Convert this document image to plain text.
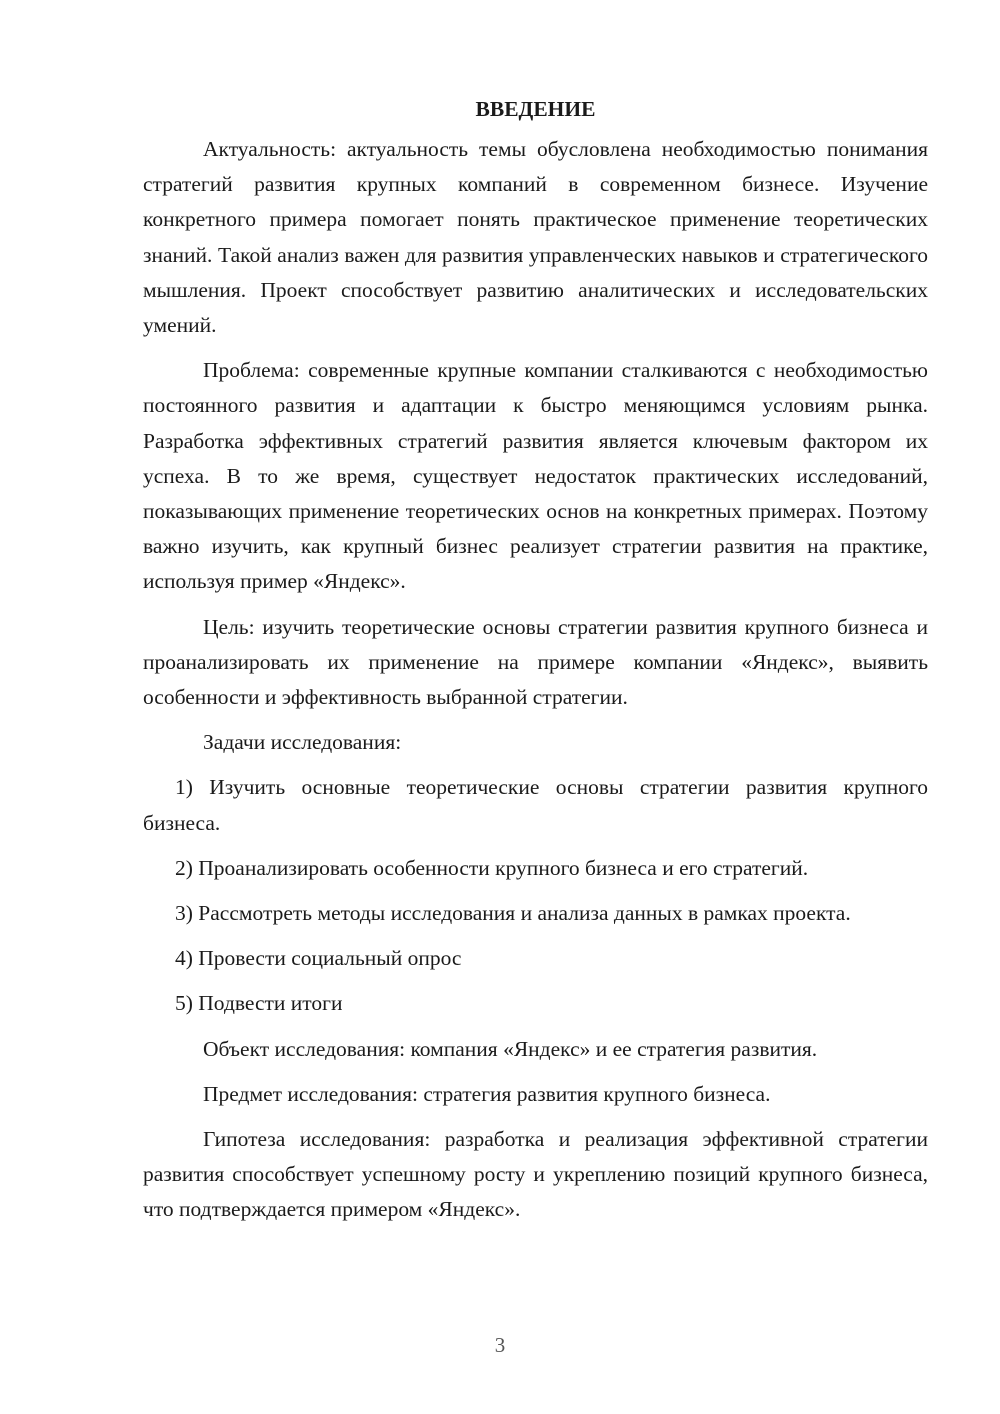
ВВЕДЕНИЕ

Актуальность: актуальность темы обусловлена необходимостью понимания стратегий развития крупных компаний в современном бизнесе. Изучение конкретного примера помогает понять практическое применение теоретических знаний. Такой анализ важен для развития управленческих навыков и стратегического мышления. Проект способствует развитию аналитических и исследовательских умений.

Проблема: современные крупные компании сталкиваются с необходимостью постоянного развития и адаптации к быстро меняющимся условиям рынка. Разработка эффективных стратегий развития является ключевым фактором их успеха. В то же время, существует недостаток практических исследований, показывающих применение теоретических основ на конкретных примерах. Поэтому важно изучить, как крупный бизнес реализует стратегии развития на практике, используя пример «Яндекс».

Цель: изучить теоретические основы стратегии развития крупного бизнеса и проанализировать их применение на примере компании «Яндекс», выявить особенности и эффективность выбранной стратегии.

Задачи исследования:

1) Изучить основные теоретические основы стратегии развития крупного бизнеса.

2) Проанализировать особенности крупного бизнеса и его стратегий.

3) Рассмотреть методы исследования и анализа данных в рамках проекта.

4) Провести социальный опрос

5) Подвести итоги

Объект исследования: компания «Яндекс» и ее стратегия развития.

Предмет исследования: стратегия развития крупного бизнеса.

Гипотеза исследования: разработка и реализация эффективной стратегии развития способствует успешному росту и укреплению позиций крупного бизнеса, что подтверждается примером «Яндекс».

3
